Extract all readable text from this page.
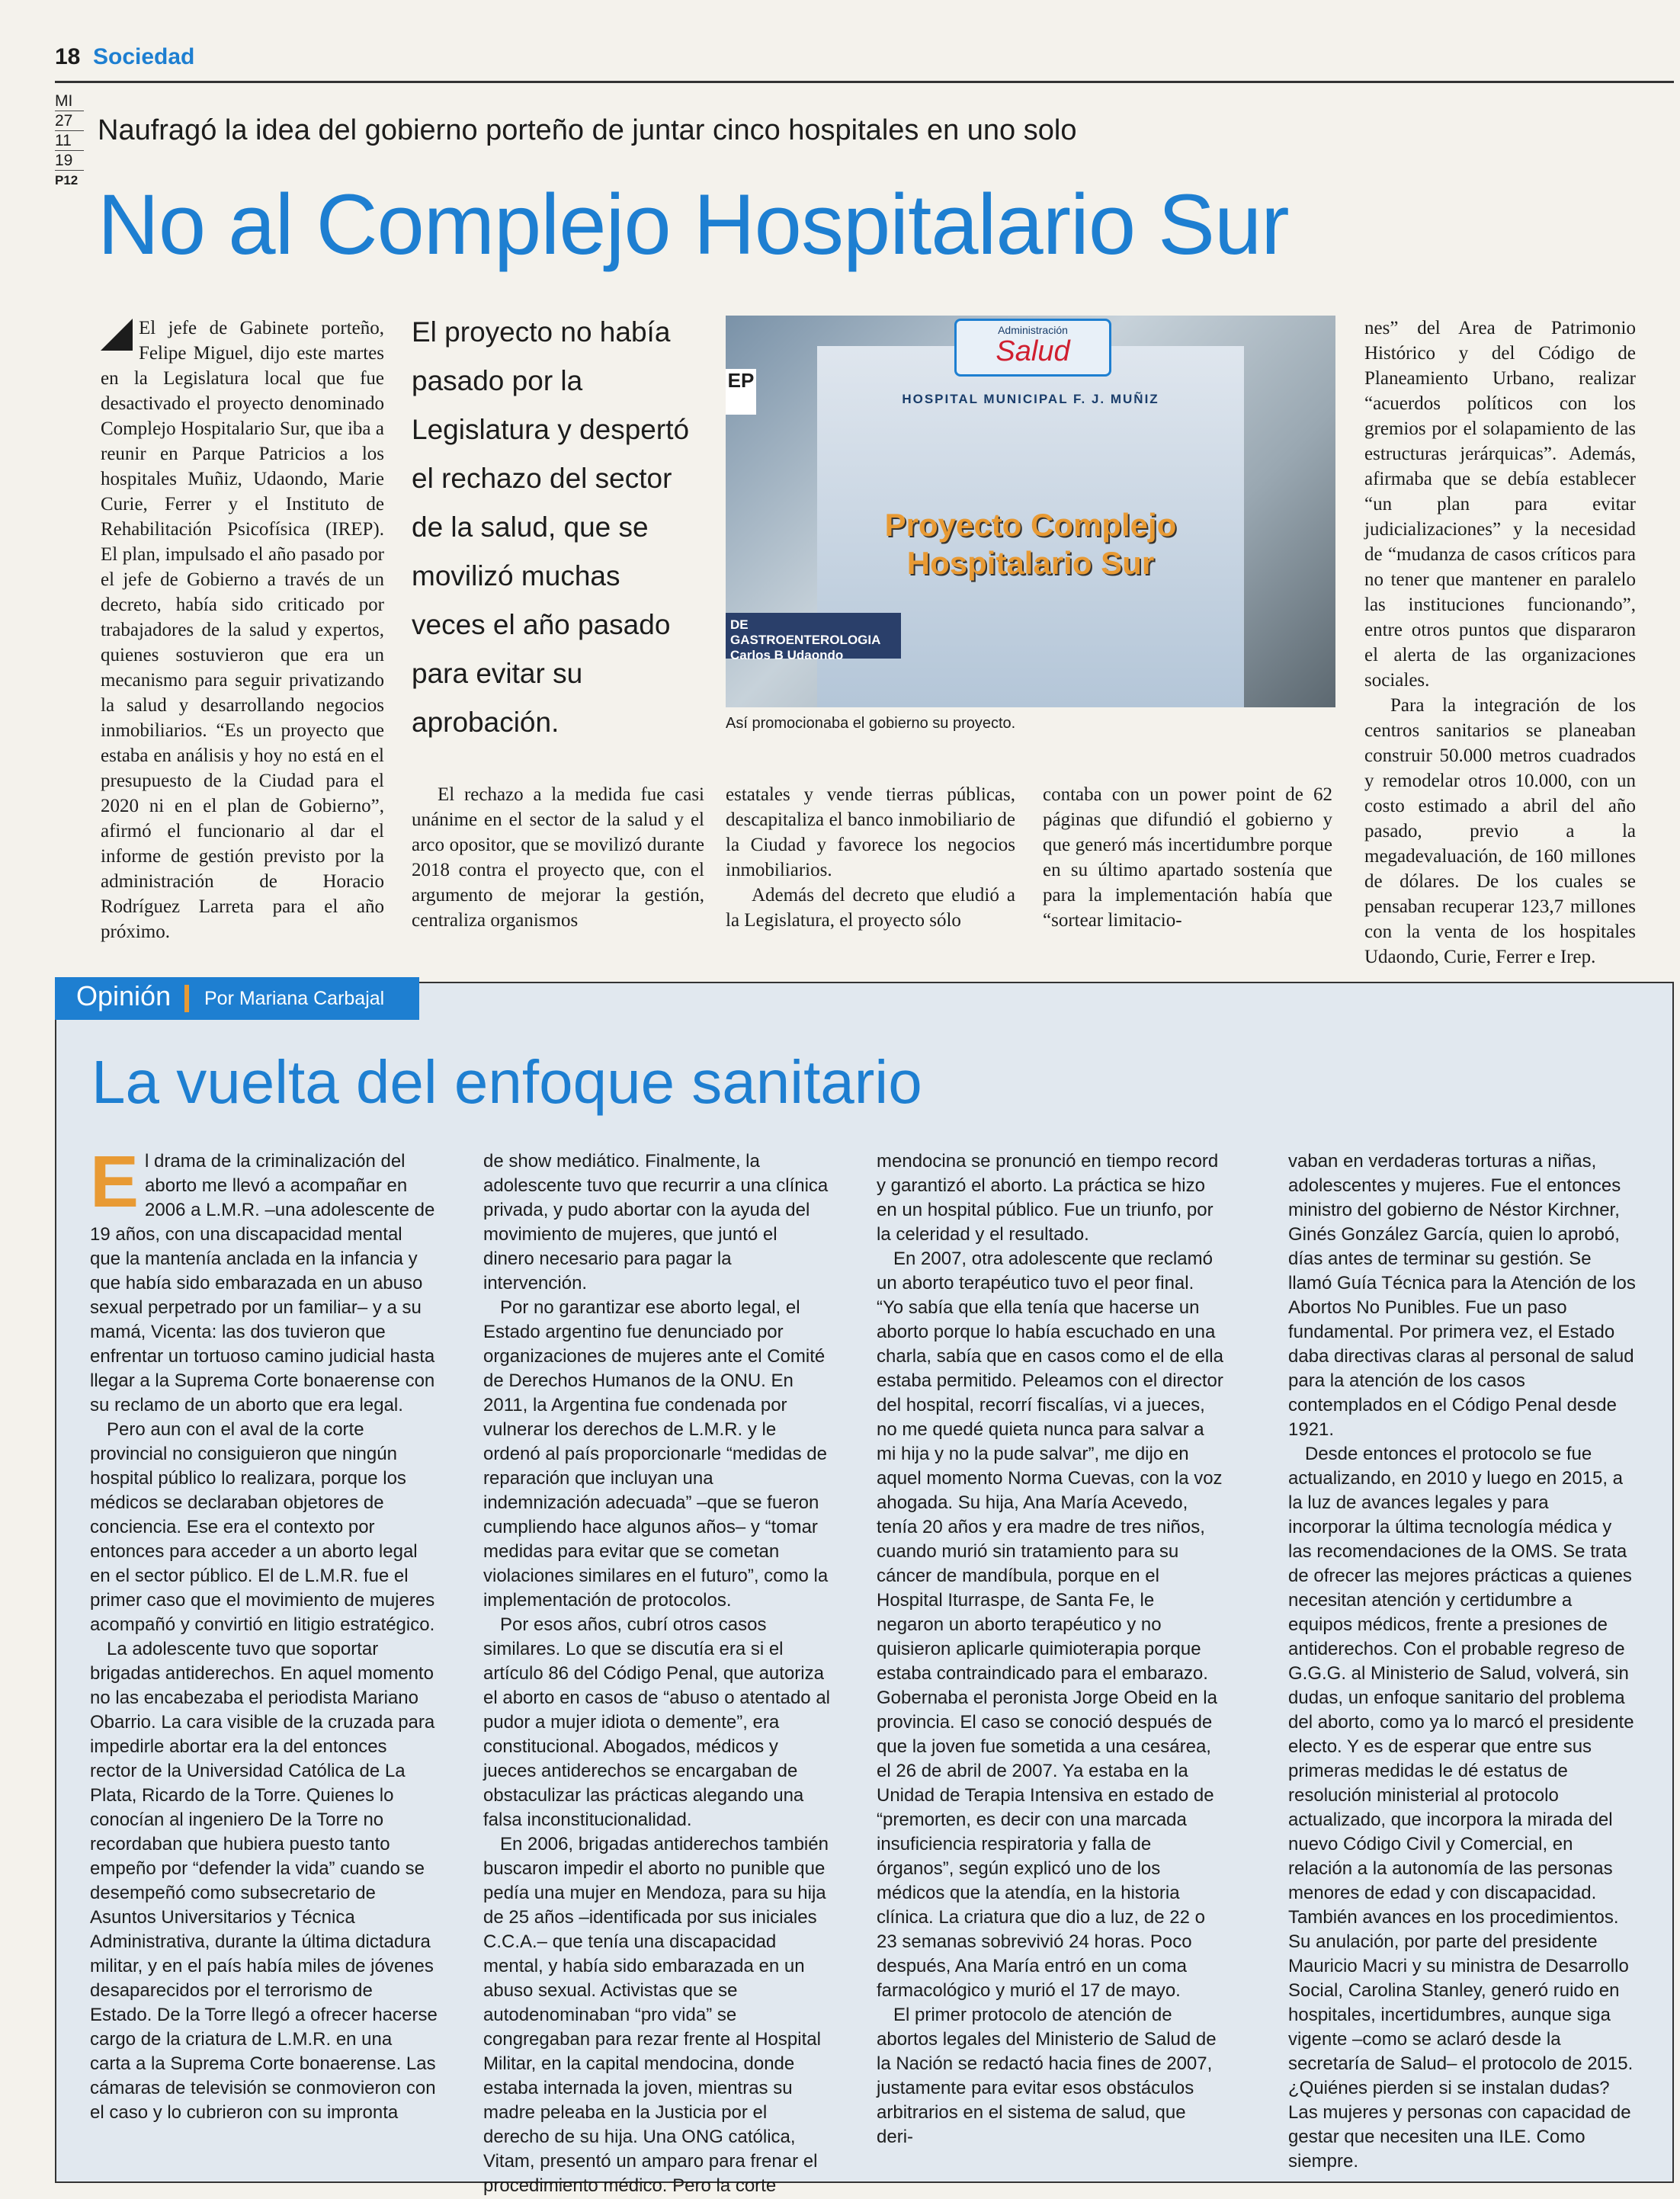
18 Sociedad
MI
27
11
19
P12
Naufragó la idea del gobierno porteño de juntar cinco hospitales en uno solo
No al Complejo Hospitalario Sur

El jefe de Gabinete porteño, Felipe Miguel, dijo este martes en la Legislatura local que fue desactivado el proyecto denominado Complejo Hospitalario Sur, que iba a reunir en Parque Patricios a los hospitales Muñiz, Udaondo, Marie Curie, Ferrer y el Instituto de Rehabilitación Psicofísica (IREP). El plan, impulsado el año pasado por el jefe de Gobierno a través de un decreto, había sido criticado por trabajadores de la salud y expertos, quienes sostuvieron que era un mecanismo para seguir privatizando la salud y desarrollando negocios inmobiliarios. “Es un proyecto que estaba en análisis y hoy no está en el presupuesto de la Ciudad para el 2020 ni en el plan de Gobierno”, afirmó el funcionario al dar el informe de gestión previsto por la administración de Horacio Rodríguez Larreta para el año próximo.

El proyecto no había pasado por la Legislatura y despertó el rechazo del sector de la salud, que se movilizó muchas veces el año pasado para evitar su aprobación.
Administración
Salud
HOSPITAL MUNICIPAL F. J. MUÑIZ
Proyecto Complejo Hospitalario Sur
DE GASTROENTEROLOGIA Carlos B Udaondo
EP
Así promocionaba el gobierno su proyecto.

El rechazo a la medida fue casi unánime en el sector de la salud y el arco opositor, que se movilizó durante 2018 contra el proyecto que, con el argumento de mejorar la gestión, centraliza organismos

estatales y vende tierras públicas, descapitaliza el banco inmobiliario de la Ciudad y favorece los negocios inmobiliarios.

Además del decreto que eludió a la Legislatura, el proyecto sólo

contaba con un power point de 62 páginas que difundió el gobierno y que generó más incertidumbre porque en su último apartado sostenía que para la implementación había que “sortear limitacio-

nes” del Area de Patrimonio Histórico y del Código de Planeamiento Urbano, realizar “acuerdos políticos con los gremios por el solapamiento de las estructuras jerárquicas”. Además, afirmaba que se debía establecer “un plan para evitar judicializaciones” y la necesidad de “mudanza de casos críticos para no tener que mantener en paralelo las instituciones funcionando”, entre otros puntos que dispararon el alerta de las organizaciones sociales.

Para la integración de los centros sanitarios se planeaban construir 50.000 metros cuadrados y remodelar otros 10.000, con un costo estimado a abril del año pasado, previo a la megadevaluación, de 160 millones de dólares. De los cuales se pensaban recuperar 123,7 millones con la venta de los hospitales Udaondo, Curie, Ferrer e Irep.

Opinión Por Mariana Carbajal
La vuelta del enfoque sanitario
E l drama de la criminalización del aborto me llevó a acompañar en 2006 a L.M.R. –una adolescente de 19 años, con una discapacidad mental que la mantenía anclada en la infancia y que había sido embarazada en un abuso sexual perpetrado por un familiar– y a su mamá, Vicenta: las dos tuvieron que enfrentar un tortuoso camino judicial hasta llegar a la Suprema Corte bonaerense con su reclamo de un aborto que era legal.

Pero aun con el aval de la corte provincial no consiguieron que ningún hospital público lo realizara, porque los médicos se declaraban objetores de conciencia. Ese era el contexto por entonces para acceder a un aborto legal en el sector público. El de L.M.R. fue el primer caso que el movimiento de mujeres acompañó y convirtió en litigio estratégico.

La adolescente tuvo que soportar brigadas antiderechos. En aquel momento no las encabezaba el periodista Mariano Obarrio. La cara visible de la cruzada para impedirle abortar era la del entonces rector de la Universidad Católica de La Plata, Ricardo de la Torre. Quienes lo conocían al ingeniero De la Torre no recordaban que hubiera puesto tanto empeño por “defender la vida” cuando se desempeñó como subsecretario de Asuntos Universitarios y Técnica Administrativa, durante la última dictadura militar, y en el país había miles de jóvenes desaparecidos por el terrorismo de Estado. De la Torre llegó a ofrecer hacerse cargo de la criatura de L.M.R. en una carta a la Suprema Corte bonaerense. Las cámaras de televisión se conmovieron con el caso y lo cubrieron con su impronta

de show mediático. Finalmente, la adolescente tuvo que recurrir a una clínica privada, y pudo abortar con la ayuda del movimiento de mujeres, que juntó el dinero necesario para pagar la intervención.

Por no garantizar ese aborto legal, el Estado argentino fue denunciado por organizaciones de mujeres ante el Comité de Derechos Humanos de la ONU. En 2011, la Argentina fue condenada por vulnerar los derechos de L.M.R. y le ordenó al país proporcionarle “medidas de reparación que incluyan una indemnización adecuada” –que se fueron cumpliendo hace algunos años– y “tomar medidas para evitar que se cometan violaciones similares en el futuro”, como la implementación de protocolos.

Por esos años, cubrí otros casos similares. Lo que se discutía era si el artículo 86 del Código Penal, que autoriza el aborto en casos de “abuso o atentado al pudor a mujer idiota o demente”, era constitucional. Abogados, médicos y jueces antiderechos se encargaban de obstaculizar las prácticas alegando una falsa inconstitucionalidad.

En 2006, brigadas antiderechos también buscaron impedir el aborto no punible que pedía una mujer en Mendoza, para su hija de 25 años –identificada por sus iniciales C.C.A.– que tenía una discapacidad mental, y había sido embarazada en un abuso sexual. Activistas que se autodenominaban “pro vida” se congregaban para rezar frente al Hospital Militar, en la capital mendocina, donde estaba internada la joven, mientras su madre peleaba en la Justicia por el derecho de su hija. Una ONG católica, Vitam, presentó un amparo para frenar el procedimiento médico. Pero la corte

mendocina se pronunció en tiempo record y garantizó el aborto. La práctica se hizo en un hospital público. Fue un triunfo, por la celeridad y el resultado.

En 2007, otra adolescente que reclamó un aborto terapéutico tuvo el peor final. “Yo sabía que ella tenía que hacerse un aborto porque lo había escuchado en una charla, sabía que en casos como el de ella estaba permitido. Peleamos con el director del hospital, recorrí fiscalías, vi a jueces, no me quedé quieta nunca para salvar a mi hija y no la pude salvar”, me dijo en aquel momento Norma Cuevas, con la voz ahogada. Su hija, Ana María Acevedo, tenía 20 años y era madre de tres niños, cuando murió sin tratamiento para su cáncer de mandíbula, porque en el Hospital Iturraspe, de Santa Fe, le negaron un aborto terapéutico y no quisieron aplicarle quimioterapia porque estaba contraindicado para el embarazo. Gobernaba el peronista Jorge Obeid en la provincia. El caso se conoció después de que la joven fue sometida a una cesárea, el 26 de abril de 2007. Ya estaba en la Unidad de Terapia Intensiva en estado de “premorten, es decir con una marcada insuficiencia respiratoria y falla de órganos”, según explicó uno de los médicos que la atendía, en la historia clínica. La criatura que dio a luz, de 22 o 23 semanas sobrevivió 24 horas. Poco después, Ana María entró en un coma farmacológico y murió el 17 de mayo.

El primer protocolo de atención de abortos legales del Ministerio de Salud de la Nación se redactó hacia fines de 2007, justamente para evitar esos obstáculos arbitrarios en el sistema de salud, que deri-

vaban en verdaderas torturas a niñas, adolescentes y mujeres. Fue el entonces ministro del gobierno de Néstor Kirchner, Ginés González García, quien lo aprobó, días antes de terminar su gestión. Se llamó Guía Técnica para la Atención de los Abortos No Punibles. Fue un paso fundamental. Por primera vez, el Estado daba directivas claras al personal de salud para la atención de los casos contemplados en el Código Penal desde 1921.

Desde entonces el protocolo se fue actualizando, en 2010 y luego en 2015, a la luz de avances legales y para incorporar la última tecnología médica y las recomendaciones de la OMS. Se trata de ofrecer las mejores prácticas a quienes necesitan atención y certidumbre a equipos médicos, frente a presiones de antiderechos. Con el probable regreso de G.G.G. al Ministerio de Salud, volverá, sin dudas, un enfoque sanitario del problema del aborto, como ya lo marcó el presidente electo. Y es de esperar que entre sus primeras medidas le dé estatus de resolución ministerial al protocolo actualizado, que incorpora la mirada del nuevo Código Civil y Comercial, en relación a la autonomía de las personas menores de edad y con discapacidad. También avances en los procedimientos. Su anulación, por parte del presidente Mauricio Macri y su ministra de Desarrollo Social, Carolina Stanley, generó ruido en hospitales, incertidumbres, aunque siga vigente –como se aclaró desde la secretaría de Salud– el protocolo de 2015. ¿Quiénes pierden si se instalan dudas? Las mujeres y personas con capacidad de gestar que necesiten una ILE. Como siempre.
